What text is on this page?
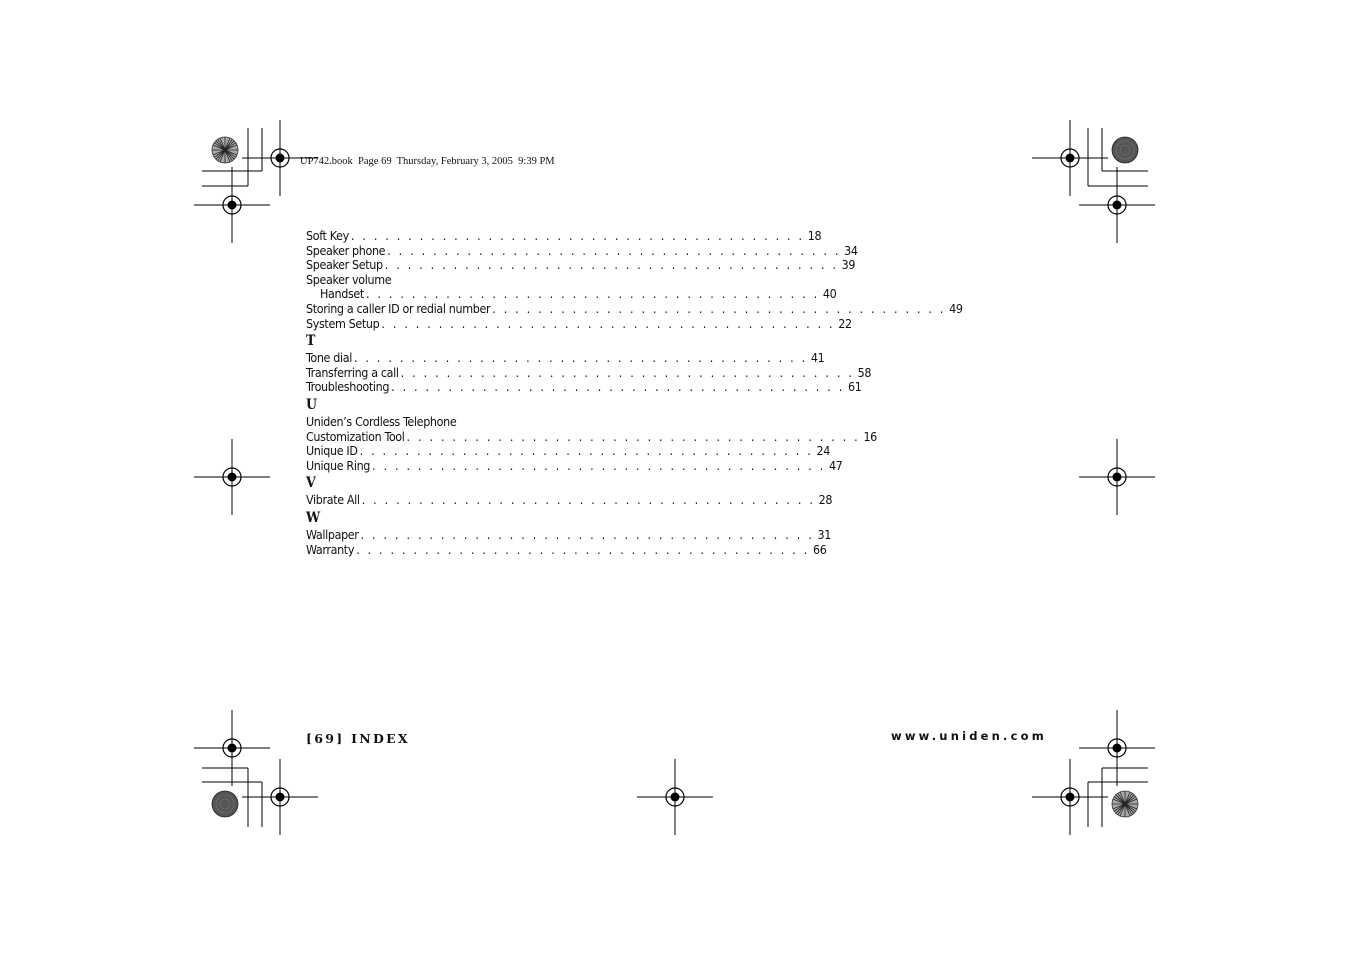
UP742.book  Page 69  Thursday, February 3, 2005  9:39 PM
Soft Key . . . . . . . . . . . . . . . . . . . . . . . . . . . . . . . . . . . . . . . . 18
Speaker phone . . . . . . . . . . . . . . . . . . . . . . . . . . . . . . . . . . . . . . . . 34
Speaker Setup . . . . . . . . . . . . . . . . . . . . . . . . . . . . . . . . . . . . . . . . 39
Speaker volume
Handset . . . . . . . . . . . . . . . . . . . . . . . . . . . . . . . . . . . . . . . . 40
Storing a caller ID or redial number . . . . . . . . . . . . . . . . . . . . . . . . . . . . . . . . . . . . . . . . 49
System Setup . . . . . . . . . . . . . . . . . . . . . . . . . . . . . . . . . . . . . . . . 22
T
Tone dial . . . . . . . . . . . . . . . . . . . . . . . . . . . . . . . . . . . . . . . . 41
Transferring a call . . . . . . . . . . . . . . . . . . . . . . . . . . . . . . . . . . . . . . . . 58
Troubleshooting . . . . . . . . . . . . . . . . . . . . . . . . . . . . . . . . . . . . . . . . 61
U
Uniden’s Cordless Telephone
Customization Tool . . . . . . . . . . . . . . . . . . . . . . . . . . . . . . . . . . . . . . . . 16
Unique ID . . . . . . . . . . . . . . . . . . . . . . . . . . . . . . . . . . . . . . . . 24
Unique Ring . . . . . . . . . . . . . . . . . . . . . . . . . . . . . . . . . . . . . . . . 47
V
Vibrate All . . . . . . . . . . . . . . . . . . . . . . . . . . . . . . . . . . . . . . . . 28
W
Wallpaper . . . . . . . . . . . . . . . . . . . . . . . . . . . . . . . . . . . . . . . . 31
Warranty . . . . . . . . . . . . . . . . . . . . . . . . . . . . . . . . . . . . . . . . 66
[69] INDEX	www.uniden.com
